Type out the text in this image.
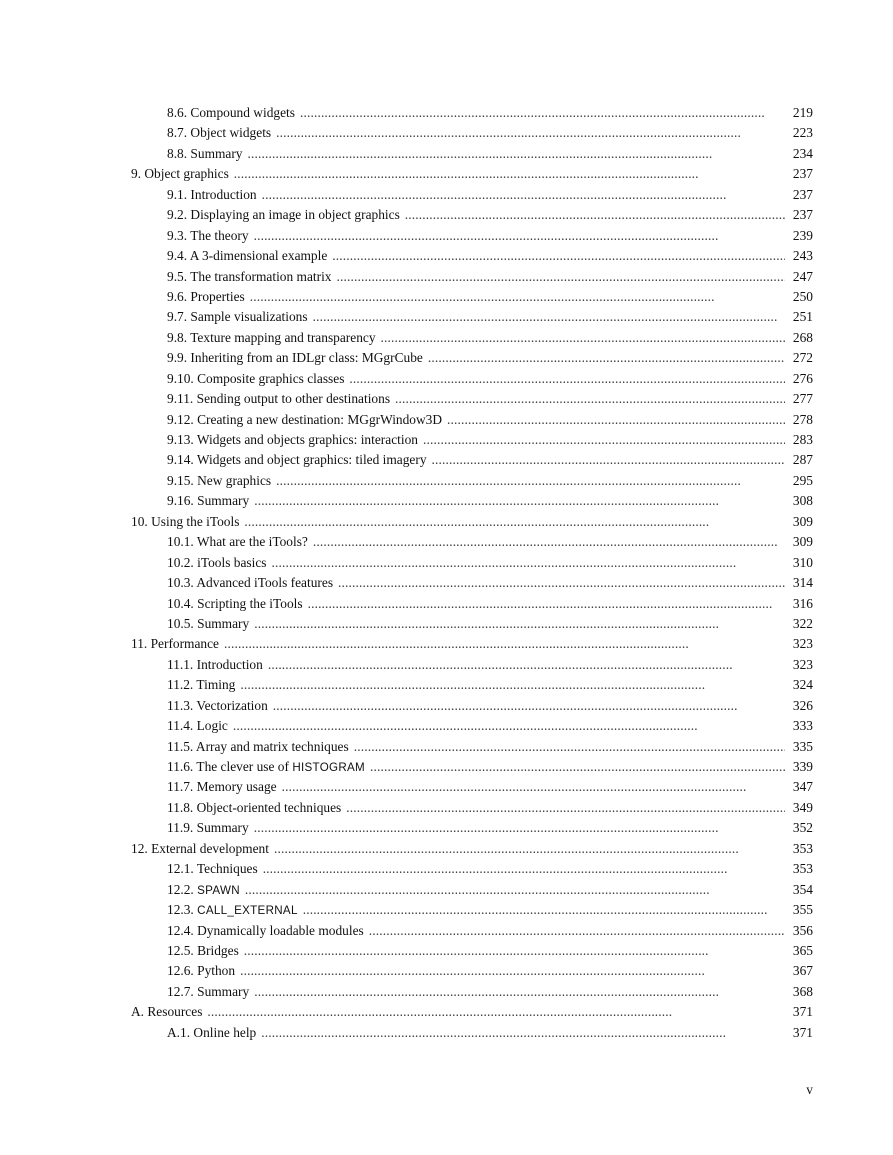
8.6. Compound widgets . . .	219
8.7. Object widgets . . .	223
8.8. Summary . . .	234
9. Object graphics . . .	237
9.1. Introduction . . .	237
9.2. Displaying an image in object graphics . . .	237
9.3. The theory . . .	239
9.4. A 3-dimensional example . . .	243
9.5. The transformation matrix . . .	247
9.6. Properties . . .	250
9.7. Sample visualizations . . .	251
9.8. Texture mapping and transparency . . .	268
9.9. Inheriting from an IDLgr class: MGgrCube . . .	272
9.10. Composite graphics classes . . .	276
9.11. Sending output to other destinations . . .	277
9.12. Creating a new destination: MGgrWindow3D . . .	278
9.13. Widgets and objects graphics: interaction . . .	283
9.14. Widgets and object graphics: tiled imagery . . .	287
9.15. New graphics . . .	295
9.16. Summary . . .	308
10. Using the iTools . . .	309
10.1. What are the iTools? . . .	309
10.2. iTools basics . . .	310
10.3. Advanced iTools features . . .	314
10.4. Scripting the iTools . . .	316
10.5. Summary . . .	322
11. Performance . . .	323
11.1. Introduction . . .	323
11.2. Timing . . .	324
11.3. Vectorization . . .	326
11.4. Logic . . .	333
11.5. Array and matrix techniques . . .	335
11.6. The clever use of HISTOGRAM . . .	339
11.7. Memory usage . . .	347
11.8. Object-oriented techniques . . .	349
11.9. Summary . . .	352
12. External development . . .	353
12.1. Techniques . . .	353
12.2. SPAWN . . .	354
12.3. CALL_EXTERNAL . . .	355
12.4. Dynamically loadable modules . . .	356
12.5. Bridges . . .	365
12.6. Python . . .	367
12.7. Summary . . .	368
A. Resources . . .	371
A.1. Online help . . .	371
v
